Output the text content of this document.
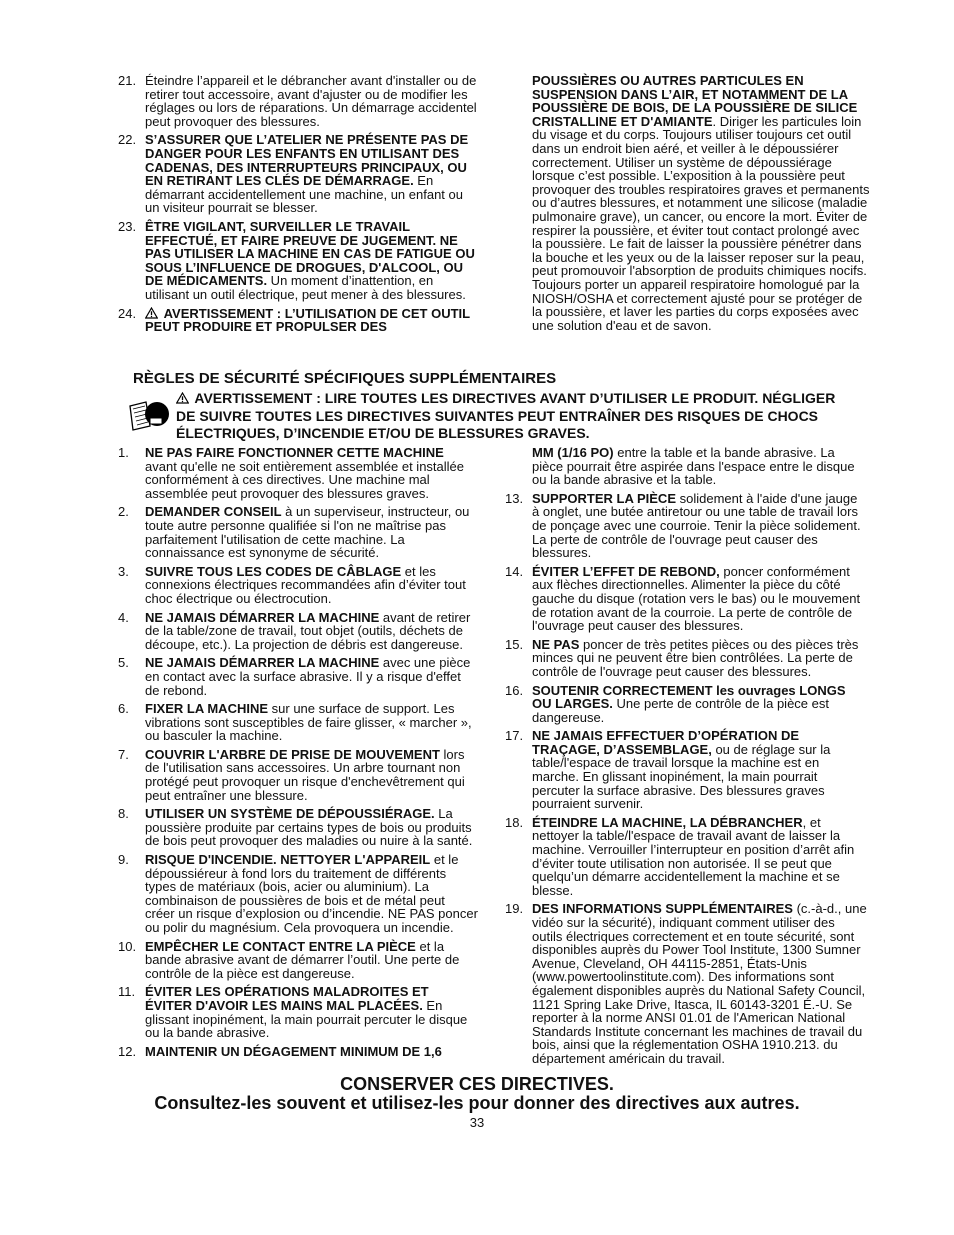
21. Éteindre l’appareil et le débrancher avant d'installer ou de retirer tout accessoire, avant d'ajuster ou de modifier les réglages ou lors de réparations. Un démarrage accidentel peut provoquer des blessures.
22. S’ASSURER QUE L’ATELIER NE PRÉSENTE PAS DE DANGER POUR LES ENFANTS EN UTILISANT DES CADENAS, DES INTERRUPTEURS PRINCIPAUX, OU EN RETIRANT LES CLÉS DE DÉMARRAGE. En démarrant accidentellement une machine, un enfant ou un visiteur pourrait se blesser.
23. ÊTRE VIGILANT, SURVEILLER LE TRAVAIL EFFECTUÉ, ET FAIRE PREUVE DE JUGEMENT. NE PAS UTILISER LA MACHINE EN CAS DE FATIGUE OU SOUS L’INFLUENCE DE DROGUES, D'ALCOOL, OU DE MÉDICAMENTS. Un moment d’inattention, en utilisant un outil électrique, peut mener à des blessures.
24.	AVERTISSEMENT : L’UTILISATION DE CET OUTIL PEUT PRODUIRE ET PROPULSER DES
POUSSIÈRES OU AUTRES PARTICULES EN SUSPENSION DANS L’AIR, ET NOTAMMENT DE LA POUSSIÈRE DE BOIS, DE LA POUSSIÈRE DE SILICE CRISTALLINE ET D'AMIANTE. Diriger les particules loin du visage et du corps. Toujours utiliser toujours cet outil dans un endroit bien aéré, et veiller à le dépoussiérer correctement. Utiliser un système de dépoussiérage lorsque c’est possible. L’exposition à la poussière peut provoquer des troubles respiratoires graves et permanents ou d’autres blessures, et notamment une silicose (maladie pulmonaire grave), un cancer, ou encore la mort. Éviter de respirer la poussière, et éviter tout contact prolongé avec la poussière. Le fait de laisser la poussière pénétrer dans la bouche et les yeux ou de la laisser reposer sur la peau, peut promouvoir l'absorption de produits chimiques nocifs. Toujours porter un appareil respiratoire homologué par la NIOSH/OSHA et correctement ajusté pour se protéger de la poussière, et laver les parties du corps exposées avec une solution d'eau et de savon.
RÈGLES DE SÉCURITÉ SPÉCIFIQUES SUPPLÉMENTAIRES
AVERTISSEMENT : LIRE TOUTES LES DIRECTIVES AVANT D’UTILISER LE PRODUIT. NÉGLIGER DE SUIVRE TOUTES LES DIRECTIVES SUIVANTES PEUT ENTRAÎNER DES RISQUES DE CHOCS ÉLECTRIQUES, D’INCENDIE ET/OU DE BLESSURES GRAVES.
1.	NE PAS FAIRE FONCTIONNER CETTE MACHINE avant qu'elle ne soit entièrement assemblée et installée conformément à ces directives. Une machine mal assemblée peut provoquer des blessures graves.
2.	DEMANDER CONSEIL à un superviseur, instructeur, ou toute autre personne qualifiée si l'on ne maîtrise pas parfaitement l'utilisation de cette machine. La connaissance est synonyme de sécurité.
3.	SUIVRE TOUS LES CODES DE CÂBLAGE et les connexions électriques recommandées afin d’éviter tout choc électrique ou électrocution.
4.	NE JAMAIS DÉMARRER LA MACHINE avant de retirer de la table/zone de travail, tout objet (outils, déchets de découpe, etc.). La projection de débris est dangereuse.
5.	NE JAMAIS DÉMARRER LA MACHINE avec une pièce en contact avec la surface abrasive. Il y a risque d'effet de rebond.
6.	FIXER LA MACHINE sur une surface de support. Les vibrations sont susceptibles de faire glisser, « marcher », ou basculer la machine.
7.	COUVRIR L'ARBRE DE PRISE DE MOUVEMENT lors de l'utilisation sans accessoires. Un arbre tournant non protégé peut provoquer un risque d'enchevêtrement qui peut entraîner une blessure.
8.	UTILISER UN SYSTÈME DE DÉPOUSSIÉRAGE. La poussière produite par certains types de bois ou produits de bois peut provoquer des maladies ou nuire à la santé.
9.	RISQUE D'INCENDIE. NETTOYER L'APPAREIL et le dépoussiéreur à fond lors du traitement de différents types de matériaux (bois, acier ou aluminium). La combinaison de poussières de bois et de métal peut créer un risque d’explosion ou d’incendie. NE PAS poncer ou polir du magnésium. Cela provoquera un incendie.
10. EMPÊCHER LE CONTACT ENTRE LA PIÈCE et la bande abrasive avant de démarrer l’outil. Une perte de contrôle de la pièce est dangereuse.
11. ÉVITER LES OPÉRATIONS MALADROITES ET ÉVITER D'AVOIR LES MAINS MAL PLACÉES. En glissant inopinément, la main pourrait percuter le disque ou la bande abrasive.
12. MAINTENIR UN DÉGAGEMENT MINIMUM DE 1,6
MM (1/16 PO) entre la table et la bande abrasive. La pièce pourrait être aspirée dans l'espace entre le disque ou la bande abrasive et la table.
13. SUPPORTER LA PIÈCE solidement à l'aide d'une jauge à onglet, une butée antiretour ou une table de travail lors de ponçage avec une courroie. Tenir la pièce solidement. La perte de contrôle de l'ouvrage peut causer des blessures.
14. ÉVITER L’EFFET DE REBOND, poncer conformément aux flèches directionnelles. Alimenter la pièce du côté gauche du disque (rotation vers le bas) ou le mouvement de rotation avant de la courroie. La perte de contrôle de l'ouvrage peut causer des blessures.
15. NE PAS poncer de très petites pièces ou des pièces très minces qui ne peuvent être bien contrôlées. La perte de contrôle de l'ouvrage peut causer des blessures.
16. SOUTENIR CORRECTEMENT les ouvrages LONGS OU LARGES. Une perte de contrôle de la pièce est dangereuse.
17. NE JAMAIS EFFECTUER D’OPÉRATION DE TRAÇAGE, D’ASSEMBLAGE, ou de réglage sur la table/l'espace de travail lorsque la machine est en marche. En glissant inopinément, la main pourrait percuter la surface abrasive. Des blessures graves pourraient survenir.
18. ÉTEINDRE LA MACHINE, LA DÉBRANCHER, et nettoyer la table/l'espace de travail avant de laisser la machine. Verrouiller l’interrupteur en position d’arrêt afin d’éviter toute utilisation non autorisée. Il se peut que quelqu’un démarre accidentellement la machine et se blesse.
19. DES INFORMATIONS SUPPLÉMENTAIRES (c.-à-d., une vidéo sur la sécurité), indiquant comment utiliser des outils électriques correctement et en toute sécurité, sont disponibles auprès du Power Tool Institute, 1300 Sumner Avenue, Cleveland, OH 44115-2851, États-Unis (www.powertoolinstitute.com). Des informations sont également disponibles auprès du National Safety Council, 1121 Spring Lake Drive, Itasca, IL 60143-3201 É.-U. Se reporter à la norme ANSI 01.01 de l'American National Standards Institute concernant les machines de travail du bois, ainsi que la réglementation OSHA 1910.213. du département américain du travail.
CONSERVER CES DIRECTIVES.
Consultez-les souvent et utilisez-les pour donner des directives aux autres.
33
